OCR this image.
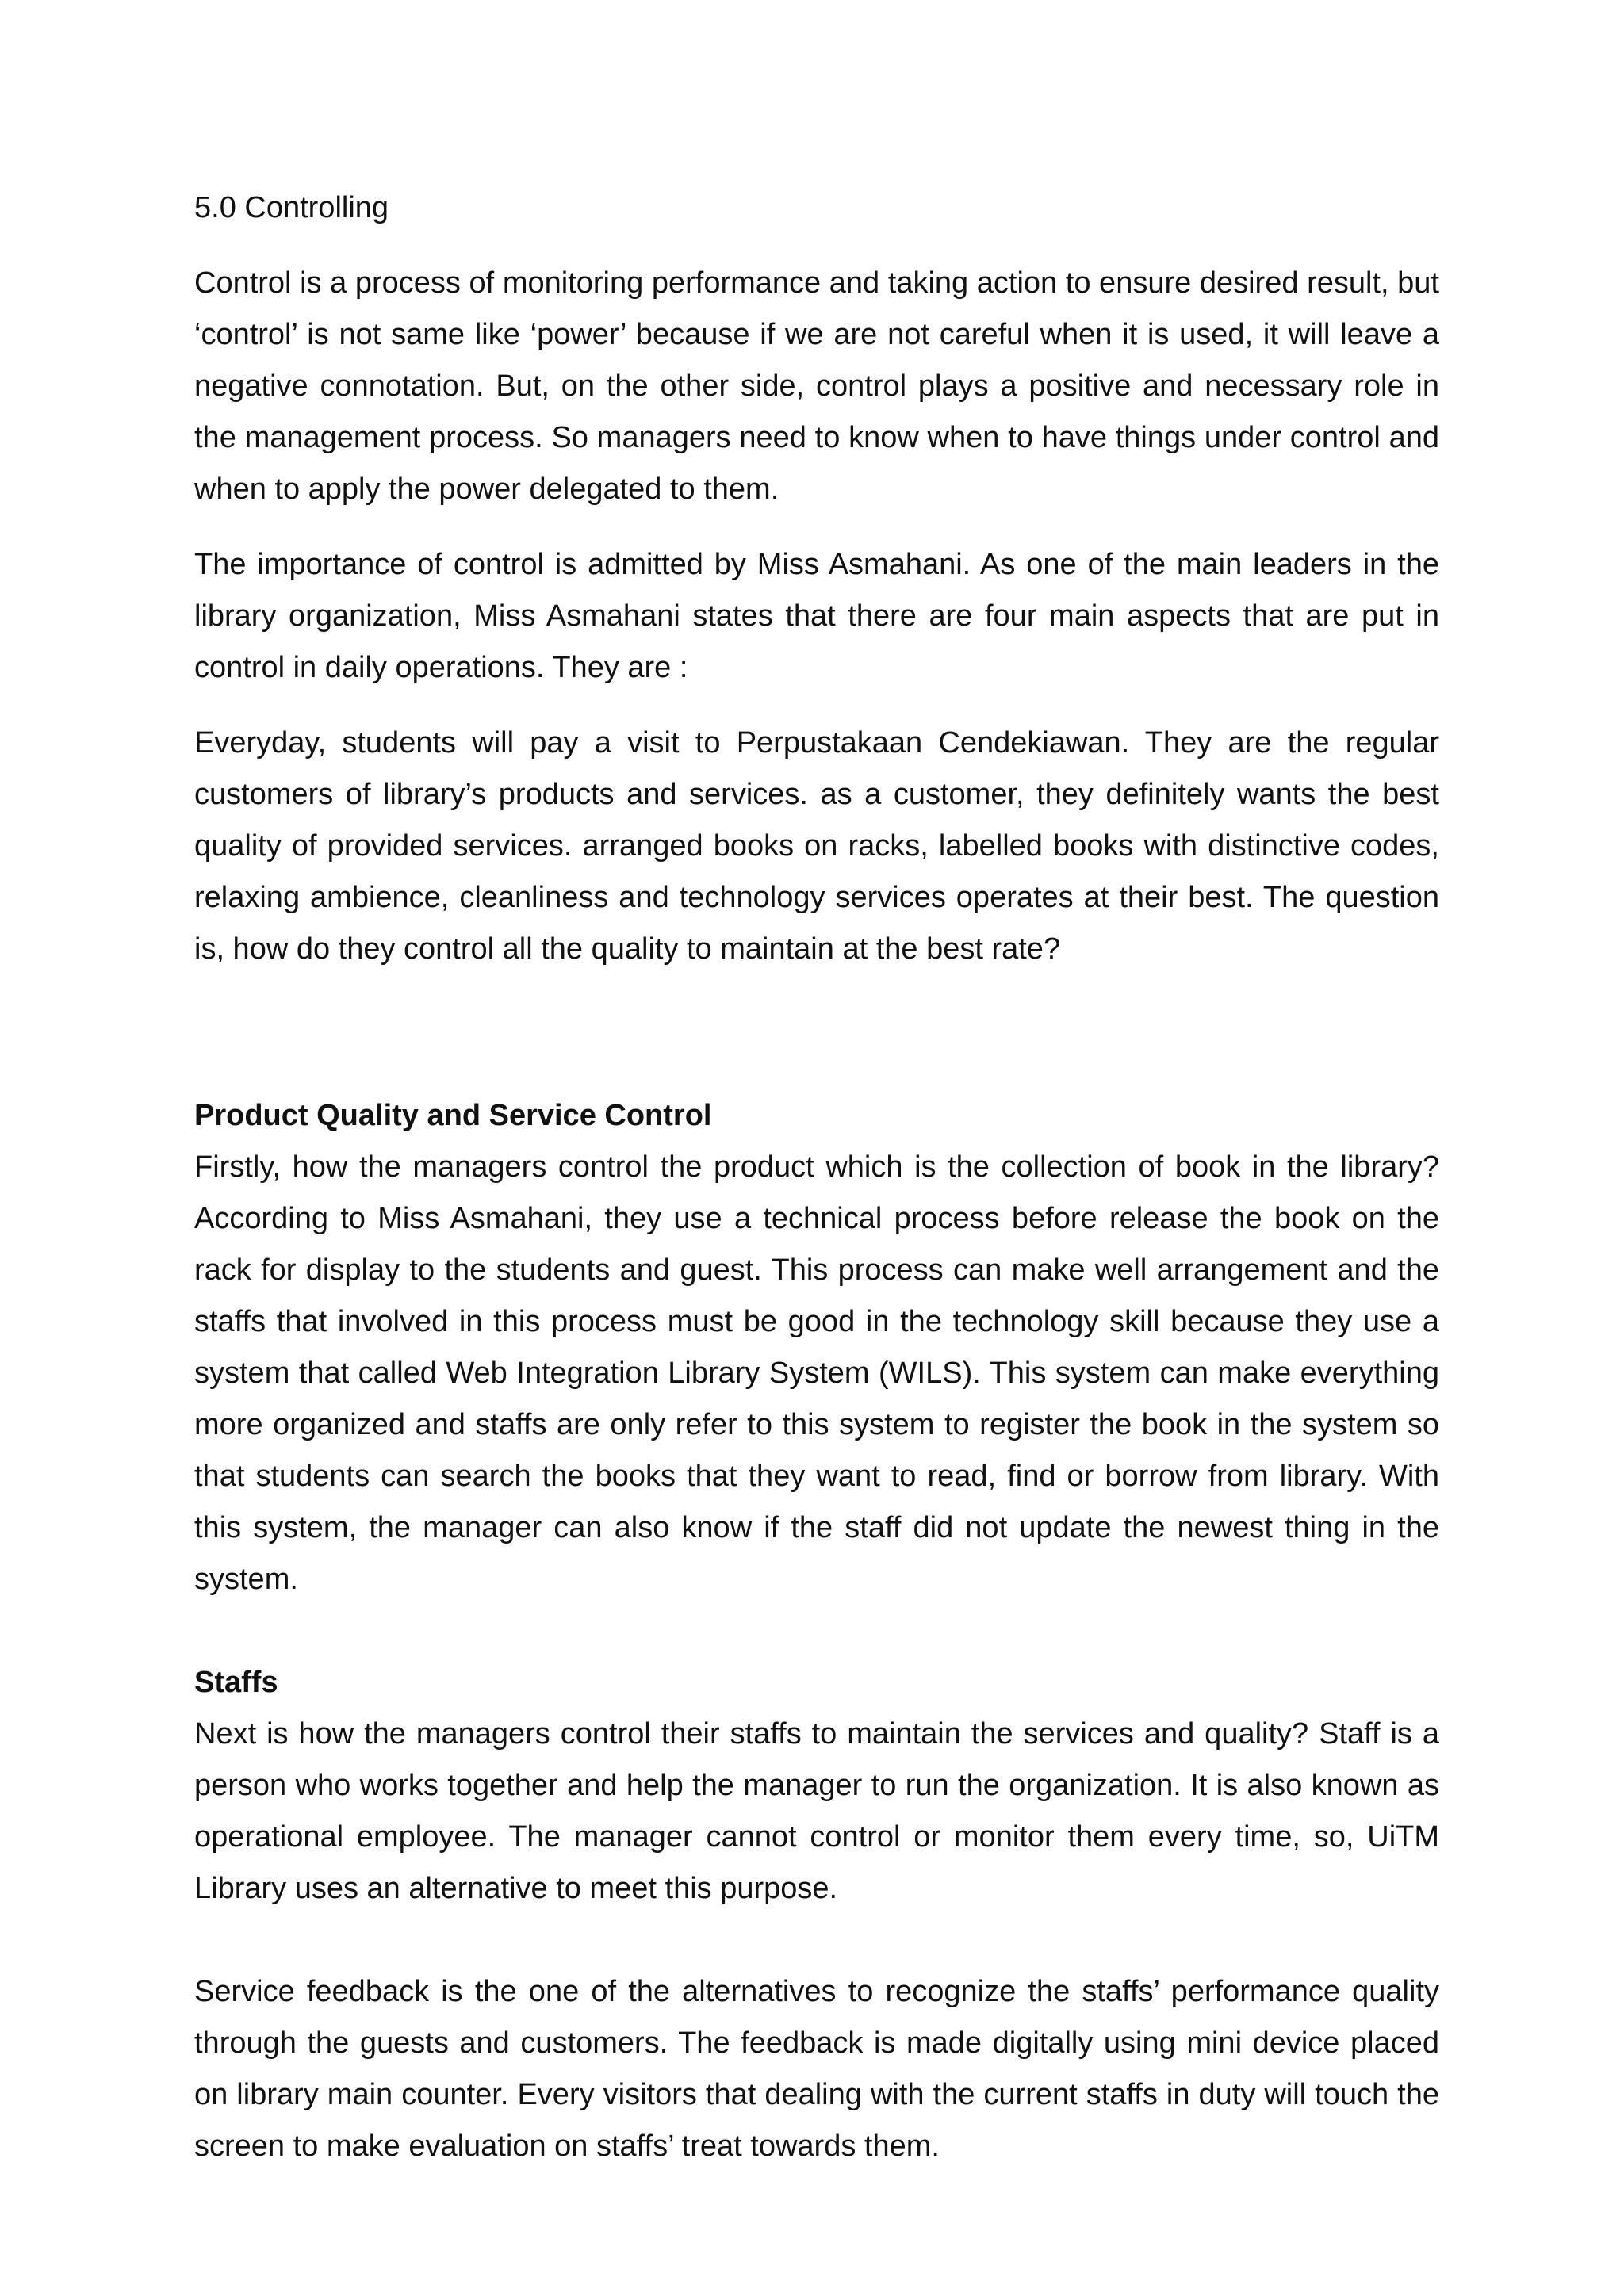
5.0 Controlling

Control is a process of monitoring performance and taking action to ensure desired result, but ‘control’ is not same like ‘power’ because if we are not careful when it is used, it will leave a negative connotation. But, on the other side, control plays a positive and necessary role in the management process. So managers need to know when to have things under control and when to apply the power delegated to them.

The importance of control is admitted by Miss Asmahani. As one of the main leaders in the library organization, Miss Asmahani states that there are four main aspects that are put in control in daily operations. They are :

Everyday, students will pay a visit to Perpustakaan Cendekiawan. They are the regular customers of library’s products and services. as a customer, they definitely wants the best quality of provided services. arranged books on racks, labelled books with distinctive codes, relaxing ambience, cleanliness and technology services operates at their best. The question is, how do they control all the quality to maintain at the best rate?

Product Quality and Service Control

Firstly, how the managers control the product which is the collection of book in the library? According to Miss Asmahani, they use a technical process before release the book on the rack for display to the students and guest. This process can make well arrangement and the staffs that involved in this process must be good in the technology skill because they use a system that called Web Integration Library System (WILS). This system can make everything more organized and staffs are only refer to this system to register the book in the system so that students can search the books that they want to read, find or borrow from library. With this system, the manager can also know if the staff did not update the newest thing in the system.

Staffs

Next is how the managers control their staffs to maintain the services and quality? Staff is a person who works together and help the manager to run the organization. It is also known as operational employee. The manager cannot control or monitor them every time, so, UiTM Library uses an alternative to meet this purpose.

Service feedback is the one of the alternatives to recognize the staffs’ performance quality through the guests and customers. The feedback is made digitally using mini device placed on library main counter. Every visitors that dealing with the current staffs in duty will touch the screen to make evaluation on staffs’ treat towards them.
